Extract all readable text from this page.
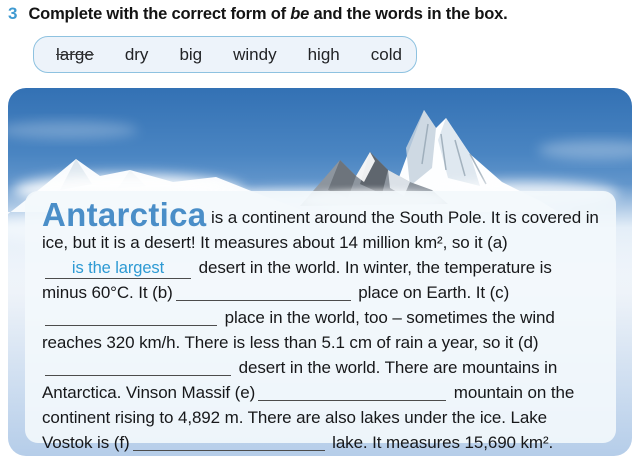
3 Complete with the correct form of be and the words in the box.

large dry big windy high cold
Antarctica is a continent around the South Pole. It is covered in ice, but it is a desert! It measures about 14 million km², so it (a)
is the largest	desert in the world. In winter, the temperature is minus 60°C. It (b)	place on Earth. It (c) place in the world, too – sometimes the wind reaches 320 km/h. There is less than 5.1 cm of rain a year, so it (d) desert in the world. There are mountains in Antarctica. Vinson Massif (e)	mountain on the continent rising to 4,892 m. There are also lakes under the ice. Lake Vostok is (f)	lake. It measures 15,690 km².
